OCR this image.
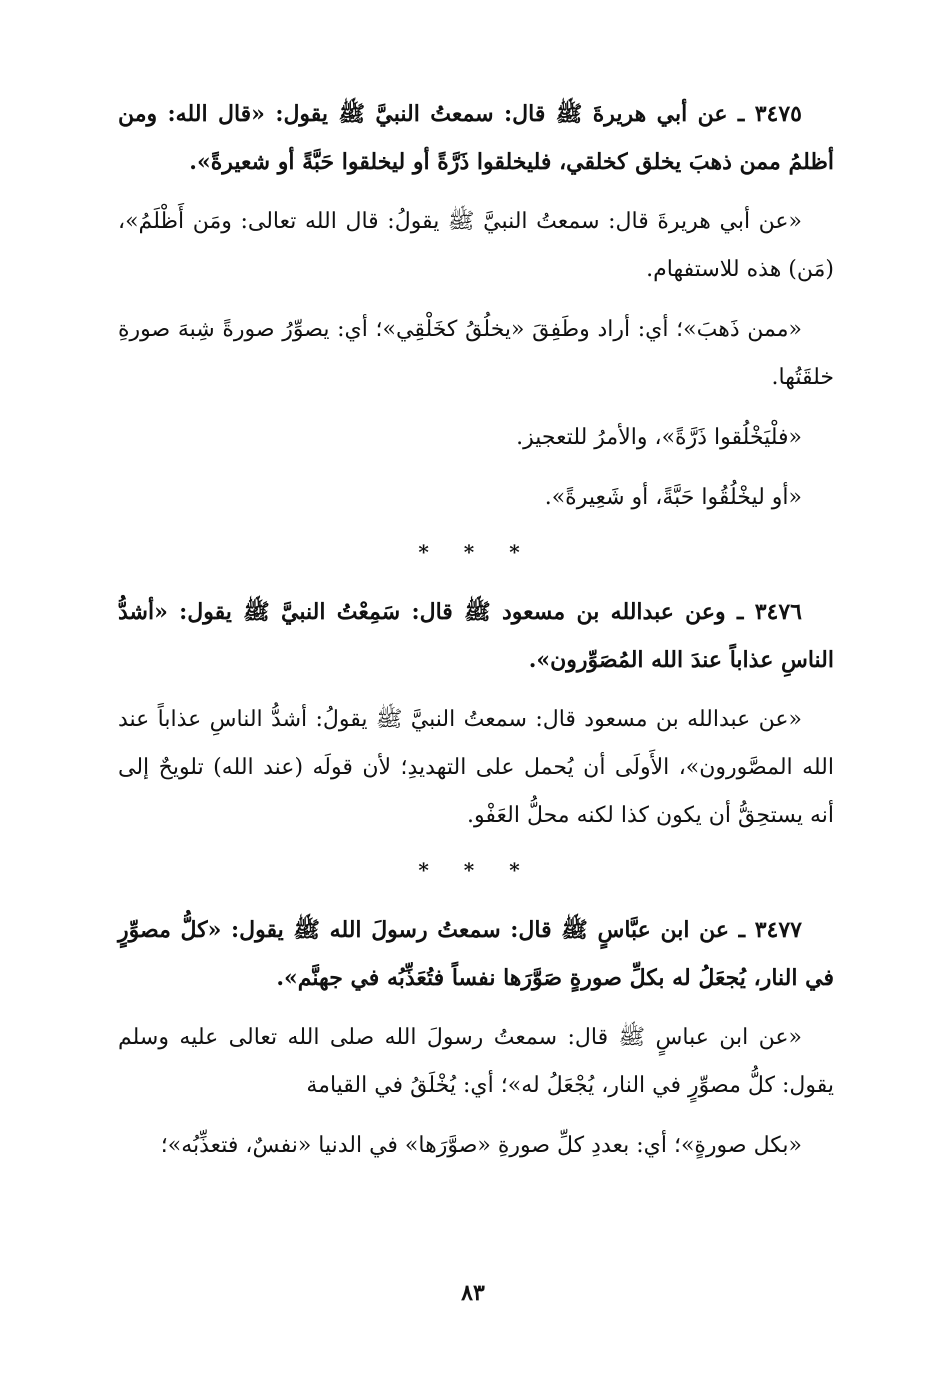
٣٤٧٥ ـ عن أبي هريرةَ ﷺ قال: سمعتُ النبيَّ ﷺ يقول: «قال الله: ومن أظلمُ ممن ذهبَ يخلق كخلقي، فليخلقوا ذَرَّةً أو ليخلقوا حَبَّةً أو شعيرةً».

«عن أبي هريرةَ قال: سمعتُ النبيَّ ﷺ يقولُ: قال الله تعالى: ومَن أَظْلَمُ»، (مَن) هذه للاستفهام.

«ممن ذَهبَ»؛ أي: أراد وطَفِقَ «يخلُقُ كخَلْقِي»؛ أي: يصوِّرُ صورةً شِبهَ صورةِ خلقَتُها.

«فلْيَخْلُقوا ذَرَّةً»، والأمرُ للتعجيز.

«أو ليخْلُقُوا حَبَّةً، أو شَعِيرةً».

* * *

٣٤٧٦ ـ وعن عبدالله بن مسعود ﷺ قال: سَمِعْتُ النبيَّ ﷺ يقول: «أشدُّ الناسِ عذاباً عندَ الله المُصَوِّرون».

«عن عبدالله بن مسعود قال: سمعتُ النبيَّ ﷺ يقولُ: أشدُّ الناسِ عذاباً عند الله المصَّورون»، الأَولَى أن يُحمل على التهديدِ؛ لأن قولَه (عند الله) تلويحٌ إلى أنه يستحِقُّ أن يكون كذا لكنه محلُّ العَفْو.

* * *

٣٤٧٧ ـ عن ابن عبَّاسٍ ﷺ قال: سمعتُ رسولَ الله ﷺ يقول: «كلُّ مصوِّرٍ في النار، يُجعَلُ له بكلِّ صورةٍ صَوَّرَها نفساً فتُعَذِّبُه في جهنَّم».

«عن ابن عباسٍ ﷺ قال: سمعتُ رسولَ الله صلى الله تعالى عليه وسلم يقول: كلُّ مصوِّرٍ في النار، يُجْعَلُ له»؛ أي: يُخْلَقُ في القيامة

«بكل صورةٍ»؛ أي: بعددِ كلِّ صورةِ «صوَّرَها» في الدنيا «نفسٌ، فتعذِّبُه»؛

٨٣
